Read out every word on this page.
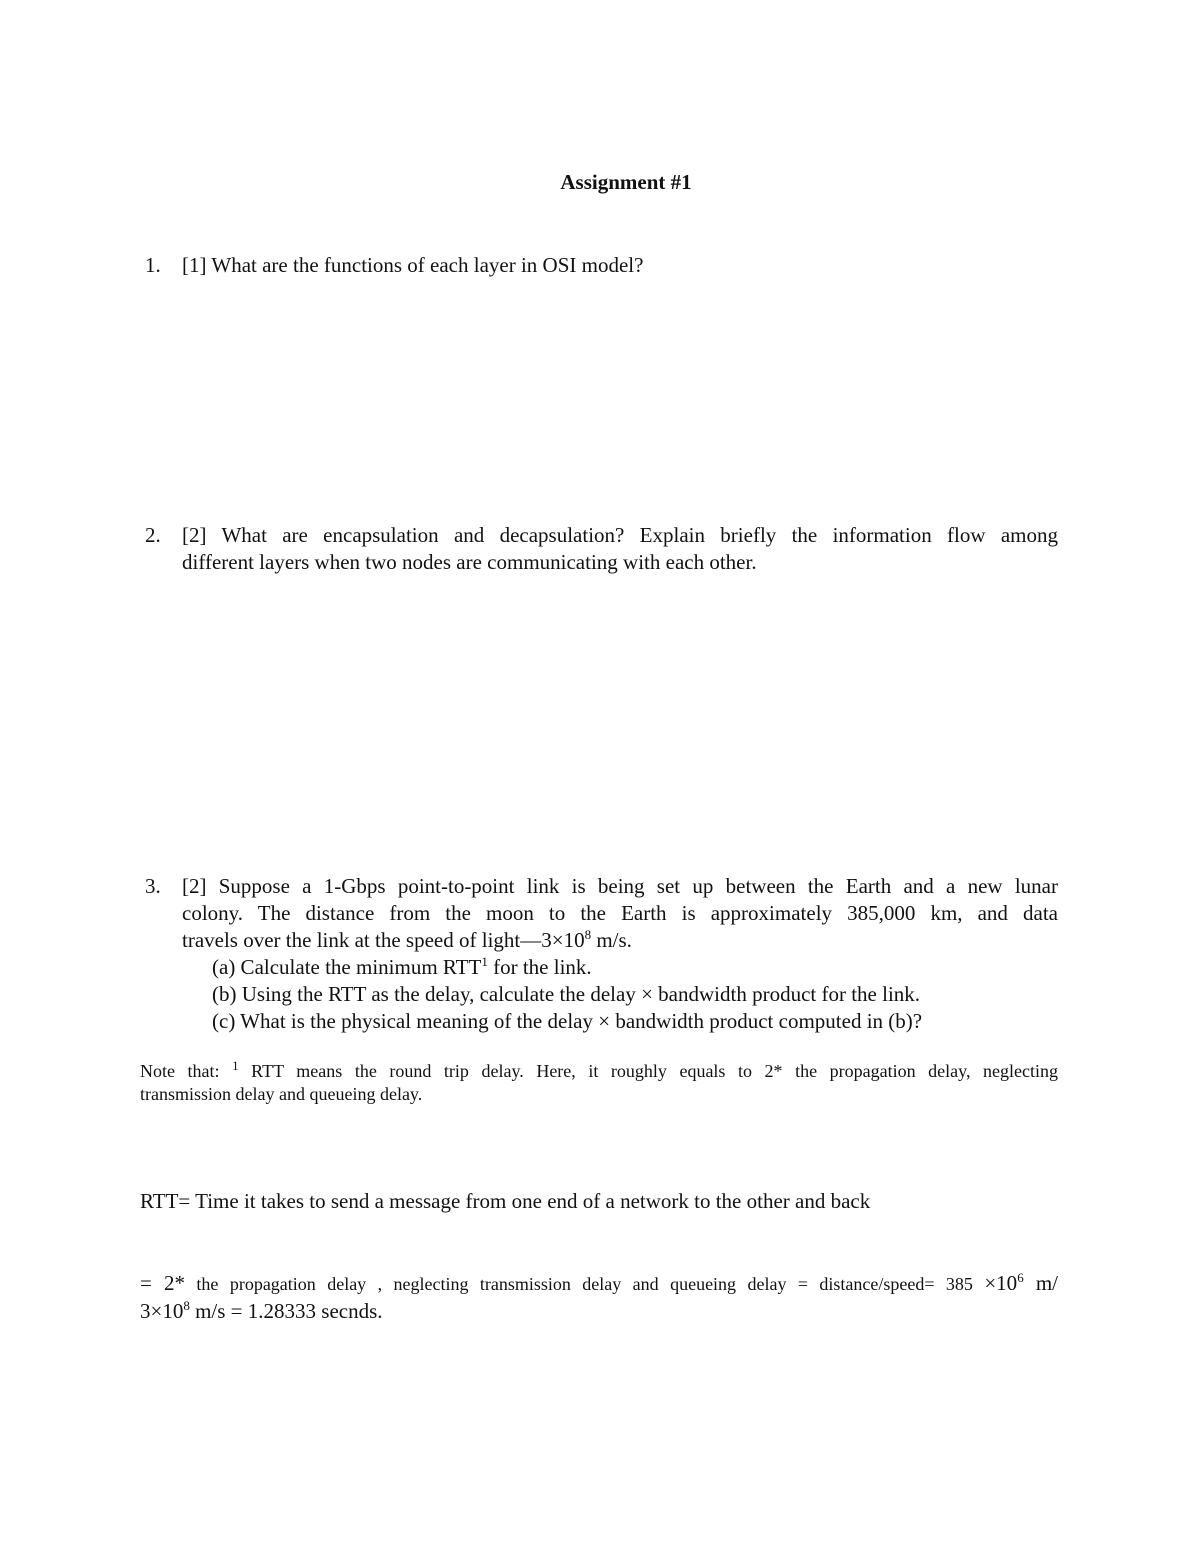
Assignment #1
1. [1] What are the functions of each layer in OSI model?
2. [2] What are encapsulation and decapsulation? Explain briefly the information flow among
different layers when two nodes are communicating with each other.
3. [2] Suppose a 1-Gbps point-to-point link is being set up between the Earth and a new lunar
colony. The distance from the moon to the Earth is approximately 385,000 km, and data
travels over the link at the speed of $light—3\times 10^8$ m/s.
(a) Calculate the minimum RTT$^1$ for the link.
(b) Using the RTT as the delay, calculate the delay × bandwidth product for the link.
(c) What is the physical meaning of the delay × bandwidth product computed in (b)?
Note that: $^1$ RTT means the round trip delay. Here, it roughly equals to 2* the propagation delay, neglecting
transmission delay and queueing delay.
RTT= Time it takes to send a message from one end of a network to the other and back
= 2* the propagation delay , neglecting transmission delay and queueing delay = distance/speed= $385 \times 10^6$ m/
$3\times 10^8$ m/s = 1.28333 secnds.
